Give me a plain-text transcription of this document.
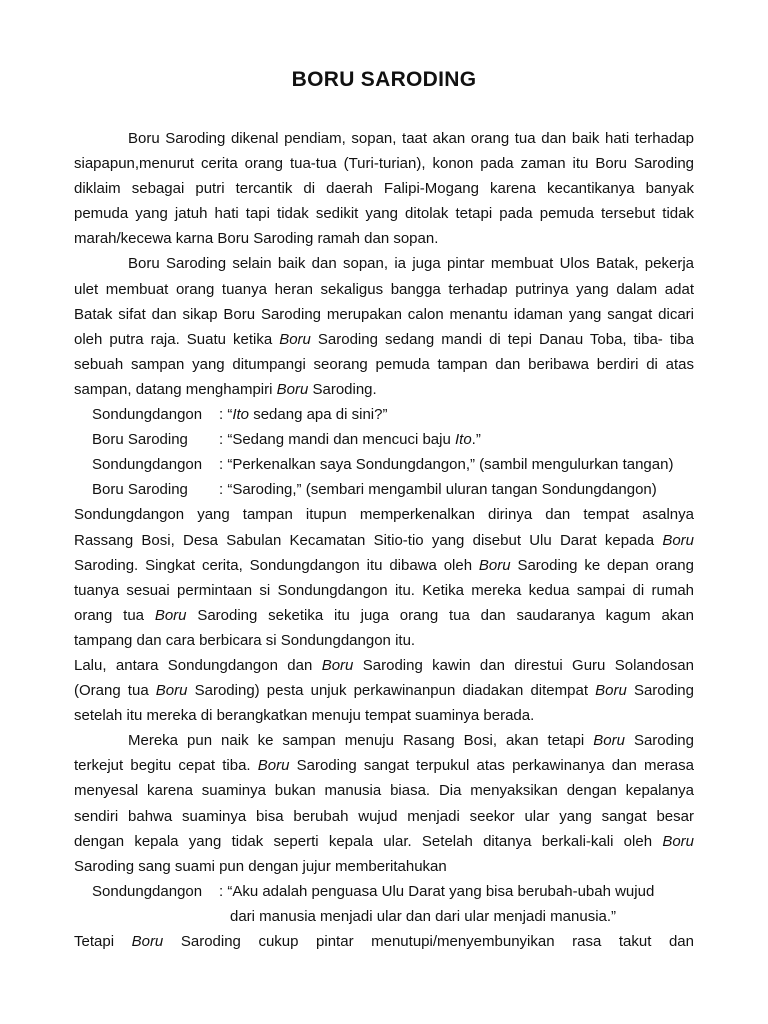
BORU SARODING
Boru Saroding dikenal pendiam, sopan, taat akan orang tua dan baik hati terhadap
siapapun,menurut cerita orang tua-tua (Turi-turian), konon pada zaman itu Boru Saroding
diklaim sebagai putri tercantik di daerah Falipi-Mogang karena kecantikanya banyak
pemuda yang jatuh hati tapi tidak sedikit yang ditolak tetapi pada pemuda tersebut tidak
marah/kecewa karna Boru Saroding ramah dan sopan.
Boru Saroding selain baik dan sopan, ia juga pintar membuat Ulos Batak, pekerja
ulet membuat orang tuanya heran sekaligus bangga terhadap putrinya yang dalam adat
Batak sifat dan sikap Boru Saroding merupakan calon menantu idaman yang sangat dicari
oleh putra raja. Suatu ketika Boru Saroding sedang mandi di tepi Danau Toba, tiba- tiba
sebuah sampan yang ditumpangi seorang pemuda tampan dan beribawa berdiri di atas
sampan, datang menghampiri Boru Saroding.
Sondungdangon : “Ito sedang apa di sini?”
Boru Saroding : “Sedang mandi dan mencuci baju Ito.”
Sondungdangon : “Perkenalkan saya Sondungdangon,” (sambil mengulurkan tangan)
Boru Saroding : “Saroding,” (sembari mengambil uluran tangan Sondungdangon)
Sondungdangon yang tampan itupun memperkenalkan dirinya dan tempat asalnya
Rassang Bosi, Desa Sabulan Kecamatan Sitio-tio yang disebut Ulu Darat kepada Boru
Saroding. Singkat cerita, Sondungdangon itu dibawa oleh Boru Saroding ke depan orang
tuanya sesuai permintaan si Sondungdangon itu. Ketika mereka kedua sampai di rumah
orang tua Boru Saroding seketika itu juga orang tua dan saudaranya kagum akan
tampang dan cara berbicara si Sondungdangon itu.
Lalu, antara Sondungdangon dan Boru Saroding kawin dan direstui Guru Solandosan
(Orang tua Boru Saroding) pesta unjuk perkawinanpun diadakan ditempat Boru Saroding
setelah itu mereka di berangkatkan menuju tempat suaminya berada.
Mereka pun naik ke sampan menuju Rasang Bosi, akan tetapi Boru Saroding
terkejut begitu cepat tiba. Boru Saroding sangat terpukul atas perkawinanya dan merasa
menyesal karena suaminya bukan manusia biasa. Dia menyaksikan dengan kepalanya
sendiri bahwa suaminya bisa berubah wujud menjadi seekor ular yang sangat besar
dengan kepala yang tidak seperti kepala ular. Setelah ditanya berkali-kali oleh Boru
Saroding sang suami pun dengan jujur memberitahukan
Sondungdangon : “Aku adalah penguasa Ulu Darat yang bisa berubah-ubah wujud
dari manusia menjadi ular dan dari ular menjadi manusia.”
Tetapi Boru Saroding cukup pintar menutupi/menyembunyikan rasa takut dan
